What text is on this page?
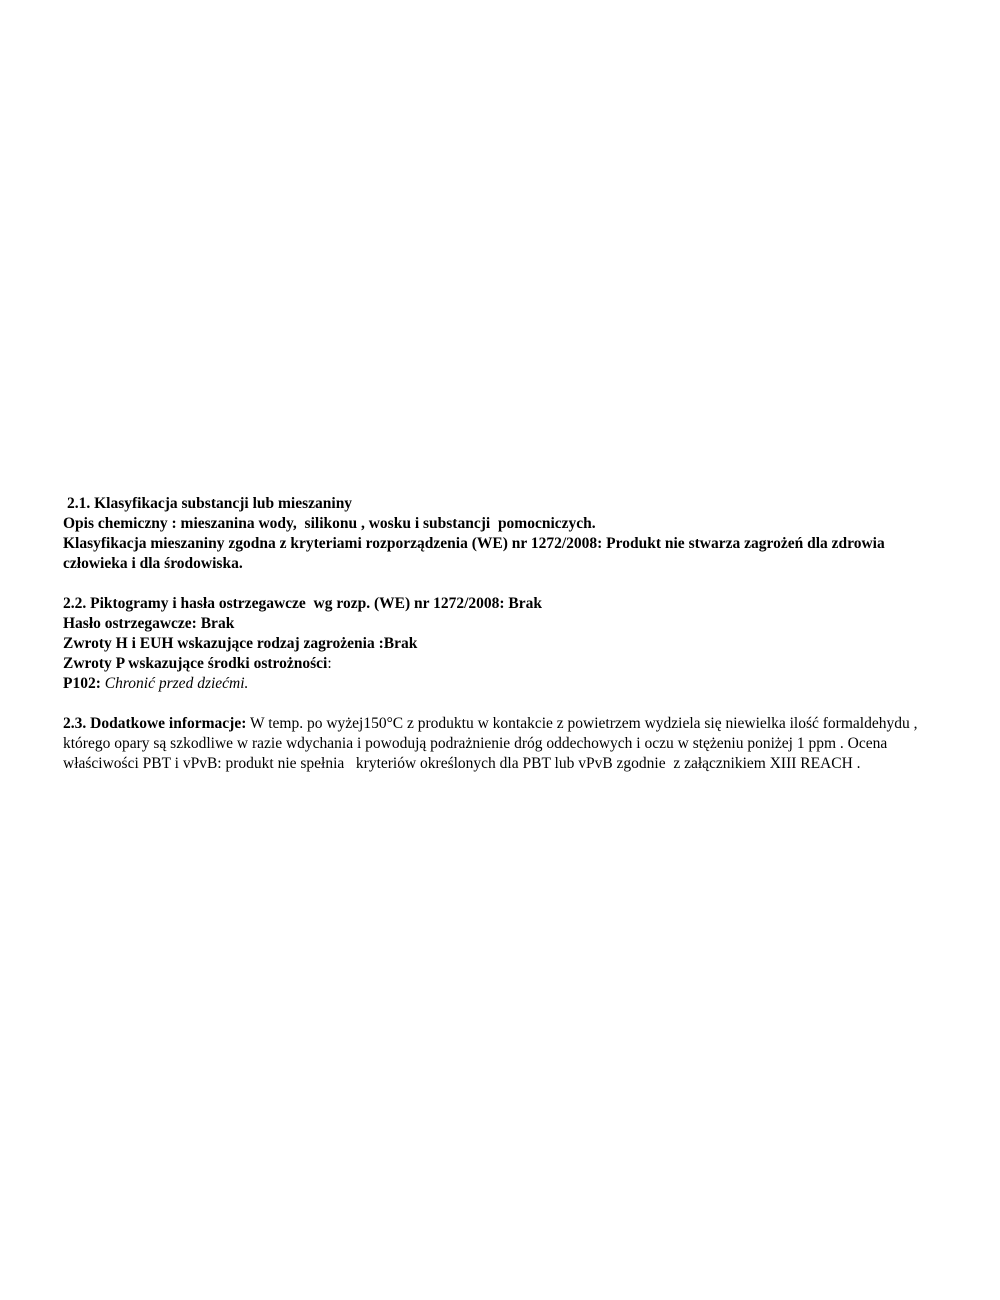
2.1. Klasyfikacja substancji lub mieszaniny
Opis chemiczny : mieszanina wody,  silikonu , wosku i substancji  pomocniczych.
Klasyfikacja mieszaniny zgodna z kryteriami rozporządzenia (WE) nr 1272/2008: Produkt nie stwarza zagrożeń dla zdrowia człowieka i dla środowiska.
2.2. Piktogramy i hasła ostrzegawcze  wg rozp. (WE) nr 1272/2008: Brak
Hasło ostrzegawcze: Brak
Zwroty H i EUH wskazujące rodzaj zagrożenia :Brak
Zwroty P wskazujące środki ostrożności:
P102: Chronić przed dziećmi.
2.3. Dodatkowe informacje: W temp. po wyżej150°C z produktu w kontakcie z powietrzem wydziela się niewielka ilość formaldehydu , którego opary są szkodliwe w razie wdychania i powodują podrażnienie dróg oddechowych i oczu w stężeniu poniżej 1 ppm . Ocena właściwości PBT i vPvB: produkt nie spełnia   kryteriów określonych dla PBT lub vPvB zgodnie  z załącznikiem XIII REACH .
